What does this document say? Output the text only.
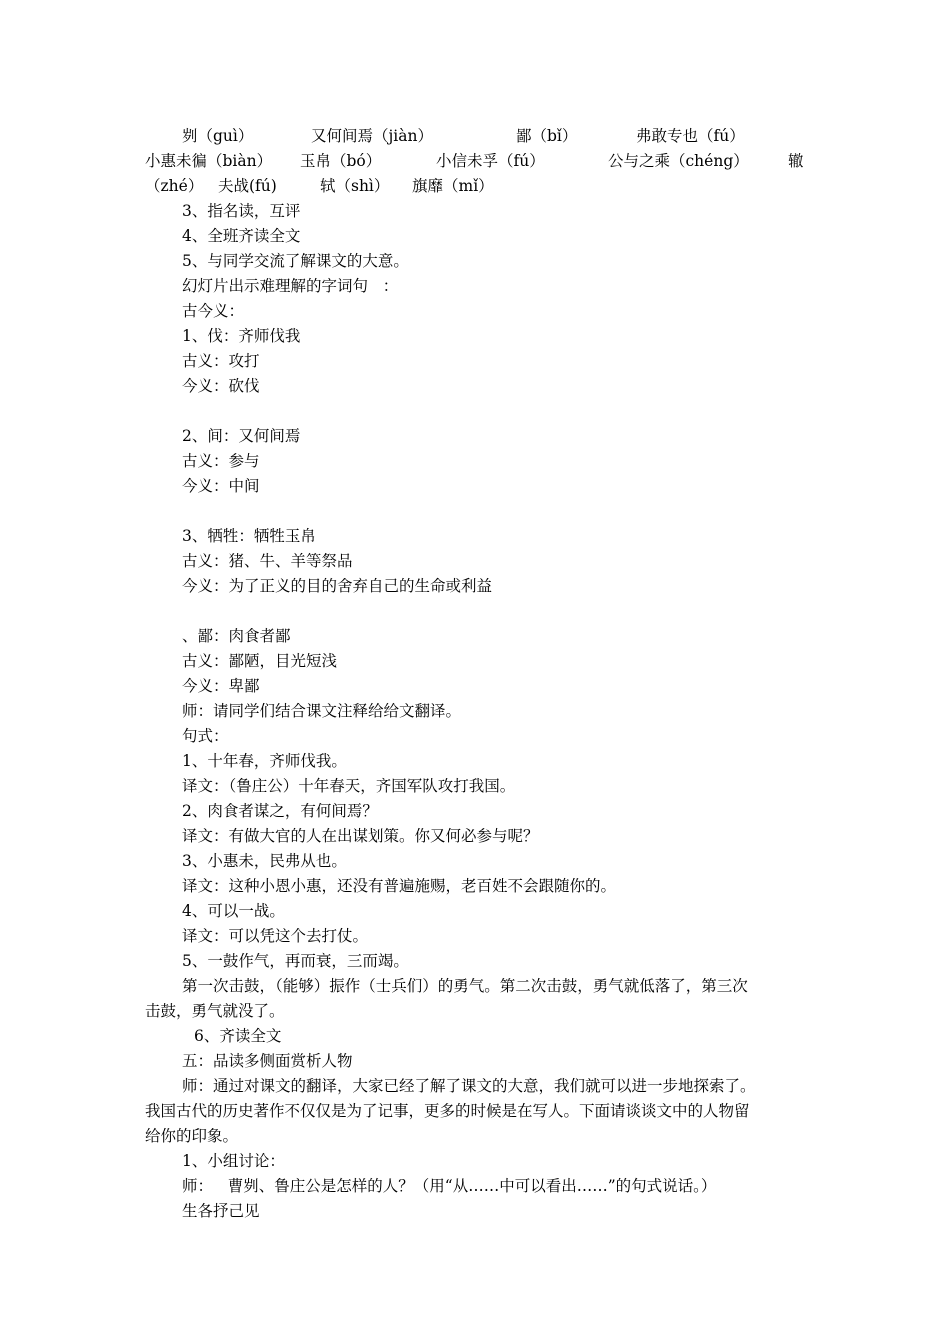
刿（guì）	又何间焉（jiàn）	鄙（bǐ）	弗敢专也（fú）
小惠未徧（biàn） 玉帛（bó）	小信未孚（fú）	公与之乘（chéng）	辙
（zhé） 夫战(fú)	轼（shì） 旗靡（mǐ）
3、指名读，互评
4、全班齐读全文
5、与同学交流了解课文的大意。
幻灯片出示难理解的字词句   ：
古今义：
1、伐：齐师伐我
古义：攻打
今义：砍伐
2、间：又何间焉
古义：参与
今义：中间
3、牺牲：牺牲玉帛
古义：猪、牛、羊等祭品
今义：为了正义的目的舍弃自己的生命或利益
、鄙：肉食者鄙
古义：鄙陋，目光短浅
今义：卑鄙
师：请同学们结合课文注释给给文翻译。
句式：
1、十年春，齐师伐我。
译文：（鲁庄公）十年春天，齐国军队攻打我国。
2、肉食者谋之，有何间焉？
译文：有做大官的人在出谋划策。你又何必参与呢？
3、小惠未，民弗从也。
译文：这种小恩小惠，还没有普遍施赐，老百姓不会跟随你的。
4、可以一战。
译文：可以凭这个去打仗。
5、一鼓作气，再而衰，三而竭。
第一次击鼓，（能够）振作（士兵们）的勇气。第二次击鼓，勇气就低落了，第三次
击鼓，勇气就没了。
6、齐读全文
五：品读多侧面赏析人物
师：通过对课文的翻译，大家已经了解了课文的大意，我们就可以进一步地探索了。
我国古代的历史著作不仅仅是为了记事，更多的时候是在写人。下面请谈谈文中的人物留
给你的印象。
1、小组讨论：
师：   曹刿、鲁庄公是怎样的人？（用“从……中可以看出……”的句式说话。）
生各抒己见
